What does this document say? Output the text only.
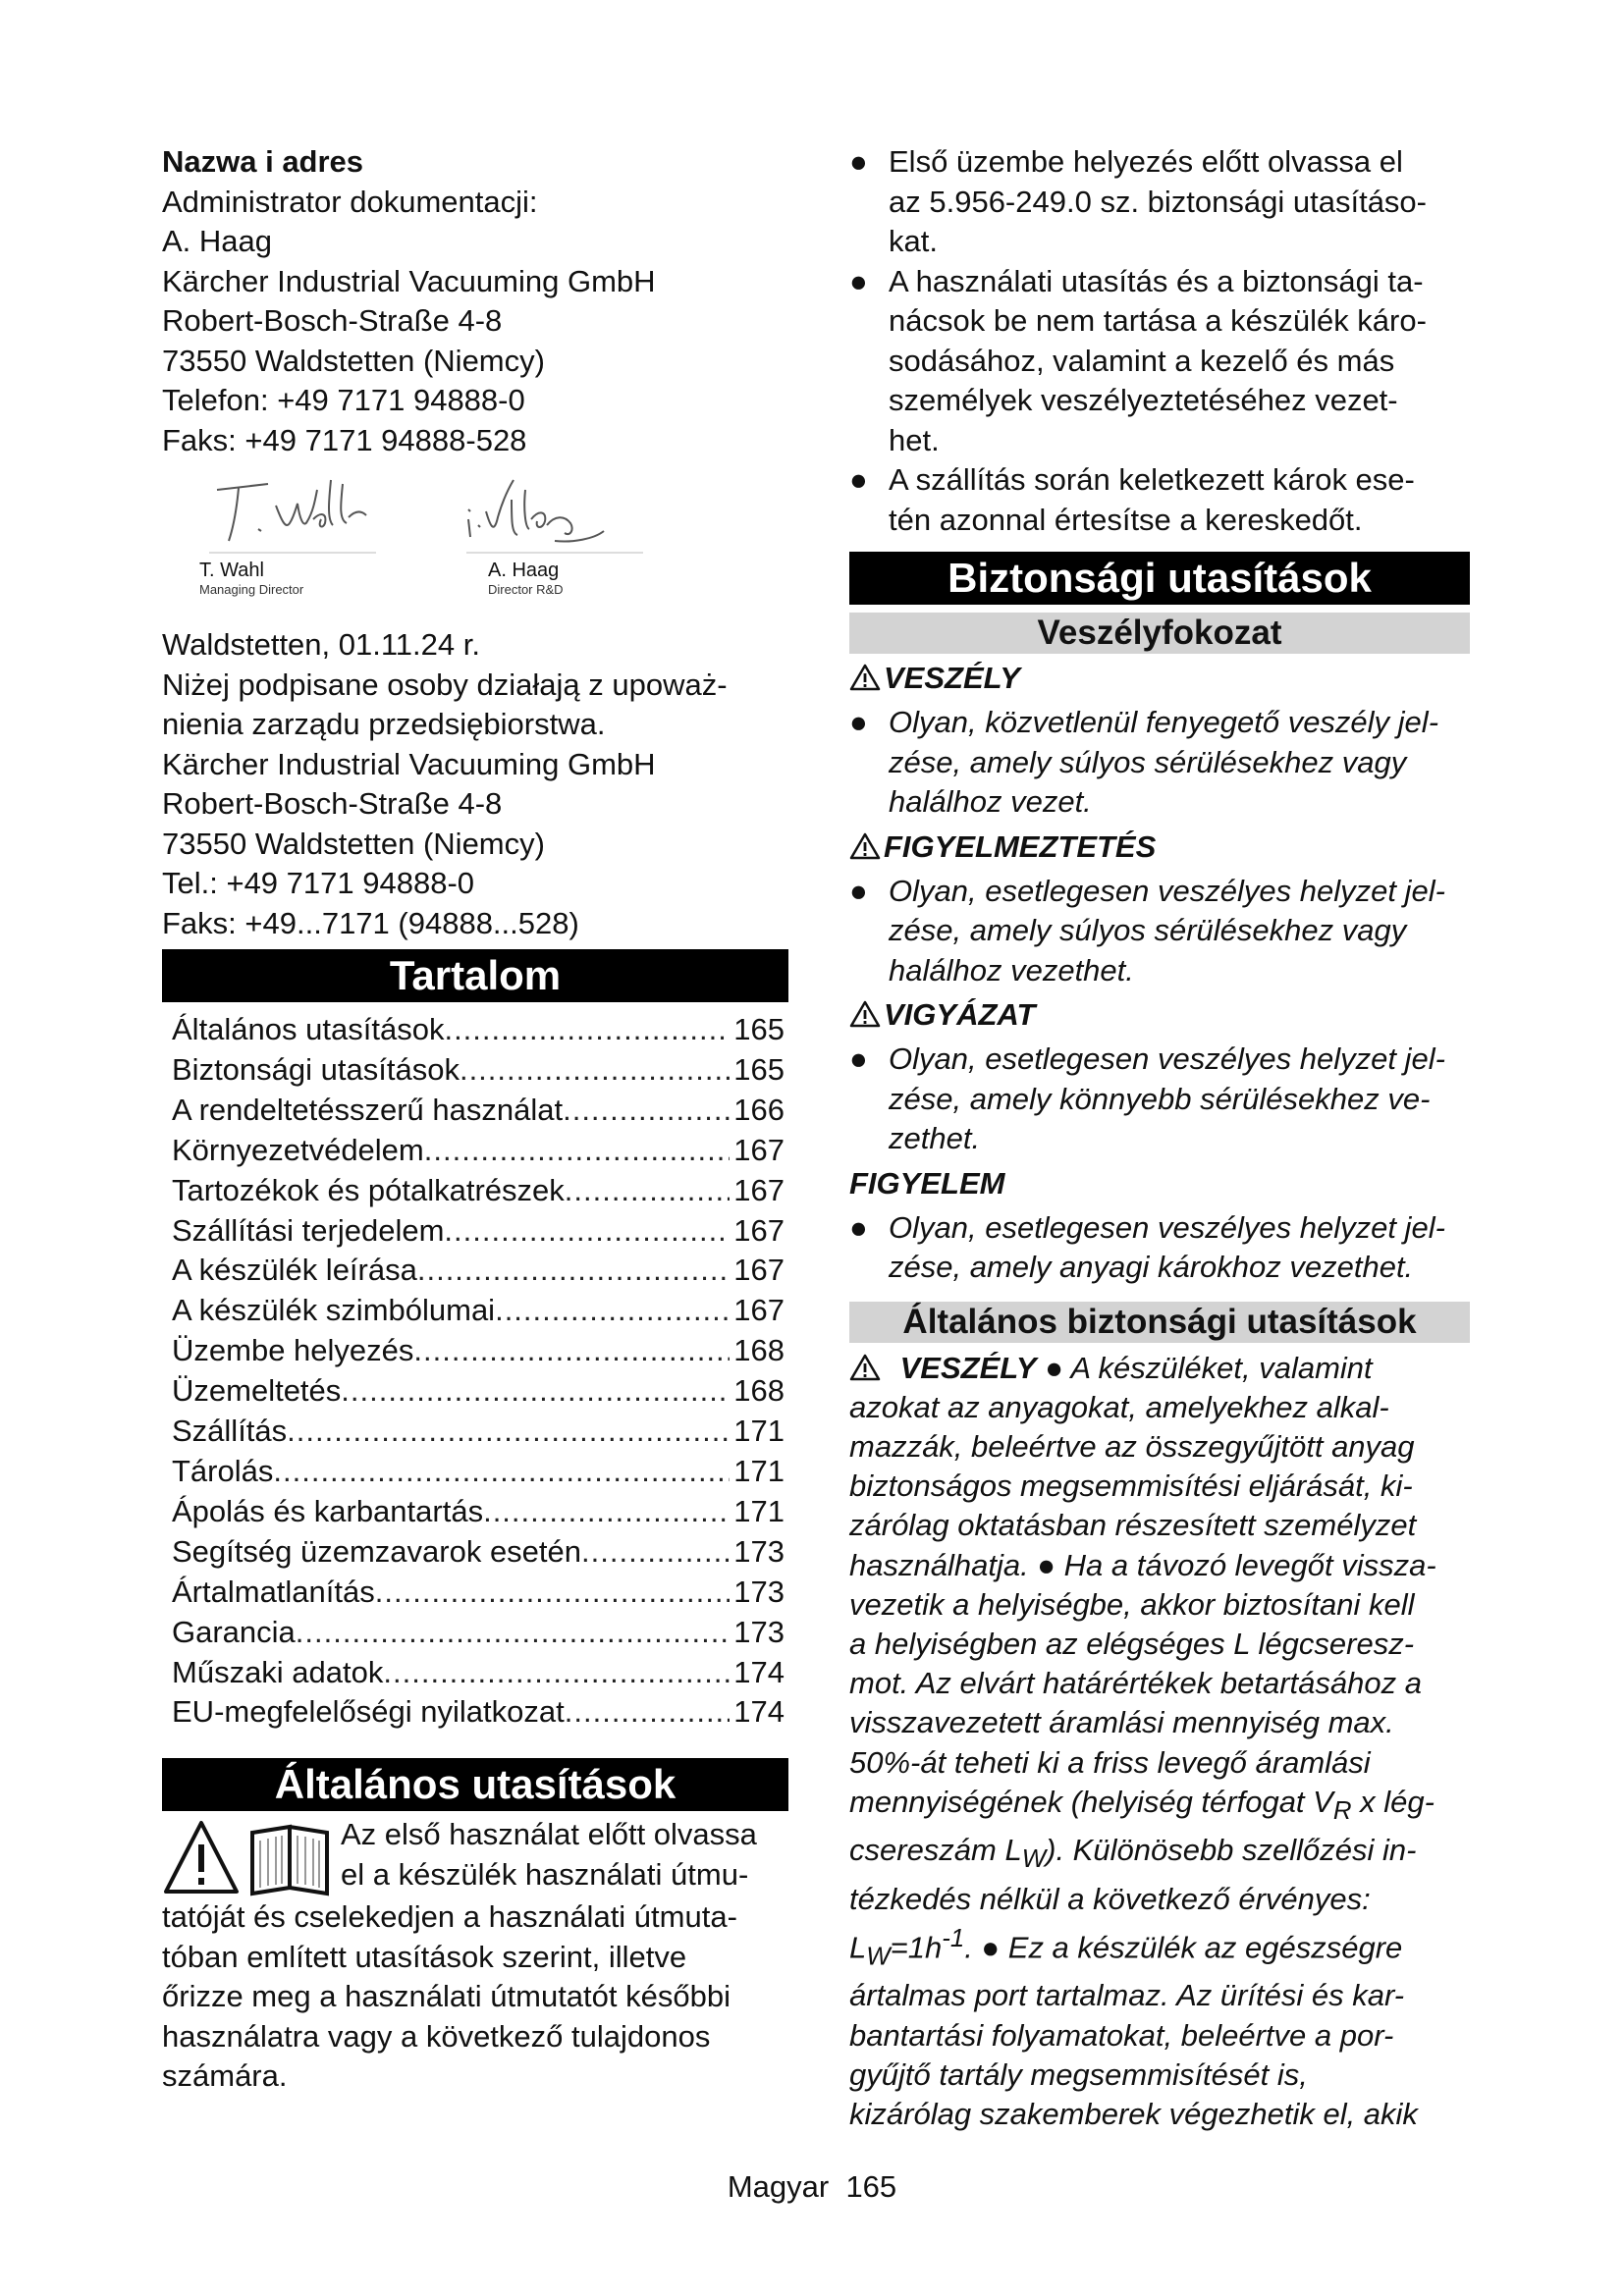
Nazwa i adres

Administrator dokumentacji:

A. Haag

Kärcher Industrial Vacuuming GmbH

Robert-Bosch-Straße 4-8

73550 Waldstetten (Niemcy)

Telefon: +49 7171 94888-0

Faks: +49 7171 94888-528

T. Wahl
Managing Director
A. Haag
Director R&D

Waldstetten, 01.11.24 r.

Niżej podpisane osoby działają z upoważ-

nienia zarządu przedsiębiorstwa.

Kärcher Industrial Vacuuming GmbH

Robert-Bosch-Straße 4-8

73550 Waldstetten (Niemcy)

Tel.: +49 7171 94888-0

Faks: +49...7171 (94888...528)

Tartalom
Általános utasítások .....	165
Biztonsági utasítások .....	165
A rendeltetésszerű használat .....	166
Környezetvédelem .....	167
Tartozékok és pótalkatrészek .....	167
Szállítási terjedelem .....	167
A készülék leírása .....	167
A készülék szimbólumai .....	167
Üzembe helyezés .....	168
Üzemeltetés .....	168
Szállítás .....	171
Tárolás .....	171
Ápolás és karbantartás .....	171
Segítség üzemzavarok esetén .....	173
Ártalmatlanítás .....	173
Garancia .....	173
Műszaki adatok .....	174
EU-megfelelőségi nyilatkozat .....	174
Általános utasítások

Az első használat előtt olvassa

el a készülék használati útmu-

tatóját és cselekedjen a használati útmuta-

tóban említett utasítások szerint, illetve

őrizze meg a használati útmutatót későbbi

használatra vagy a következő tulajdonos

számára.

● Első üzembe helyezés előtt olvassa el
az 5.956-249.0 sz. biztonsági utasításo-
kat.
● A használati utasítás és a biztonsági ta-
nácsok be nem tartása a készülék káro-
sodásához, valamint a kezelő és más
személyek veszélyeztetéséhez vezet-
het.
● A szállítás során keletkezett károk ese-
tén azonnal értesítse a kereskedőt.
Biztonsági utasítások
Veszélyfokozat
VESZÉLY
● Olyan, közvetlenül fenyegető veszély jel-
zése, amely súlyos sérülésekhez vagy
halálhoz vezet.
FIGYELMEZTETÉS
● Olyan, esetlegesen veszélyes helyzet jel-
zése, amely súlyos sérülésekhez vagy
halálhoz vezethet.
VIGYÁZAT
● Olyan, esetlegesen veszélyes helyzet jel-
zése, amely könnyebb sérülésekhez ve-
zethet.
FIGYELEM
● Olyan, esetlegesen veszélyes helyzet jel-
zése, amely anyagi károkhoz vezethet.
Általános biztonsági utasítások
VESZÉLY ● A készüléket, valamint
azokat az anyagokat, amelyekhez alkal-
mazzák, beleértve az összegyűjtött anyag
biztonságos megsemmisítési eljárását, ki-
zárólag oktatásban részesített személyzet
használhatja. ● Ha a távozó levegőt vissza-
vezetik a helyiségbe, akkor biztosítani kell
a helyiségben az elégséges L légcseresz-
mot. Az elvárt határértékek betartásához a
visszavezetett áramlási mennyiség max.
50%-át teheti ki a friss levegő áramlási
mennyiségének (helyiség térfogat $V_R$ x lég-
csereszám $L_W$). Különösebb szellőzési in-
tézkedés nélkül a következő érvényes:
$L_W=1h^{-1}$. ● Ez a készülék az egészségre
ártalmas port tartalmaz. Az ürítési és kar-
bantartási folyamatokat, beleértve a por-
gyűjtő tartály megsemmisítését is,
kizárólag szakemberek végezhetik el, akik
Magyar 165
